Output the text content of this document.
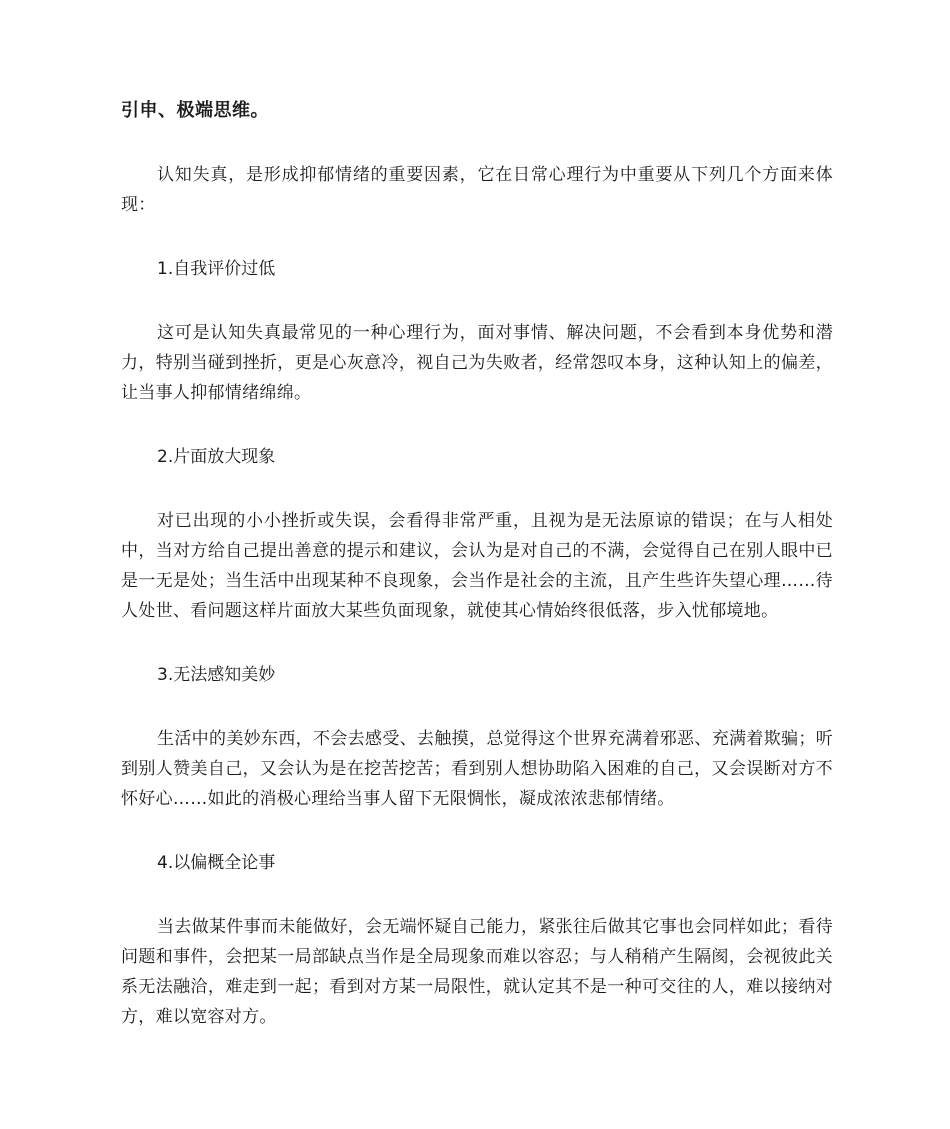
引申、极端思维。

认知失真，是形成抑郁情绪的重要因素，它在日常心理行为中重要从下列几个方面来体现：

1.自我评价过低

这可是认知失真最常见的一种心理行为，面对事情、解决问题，不会看到本身优势和潜力，特别当碰到挫折，更是心灰意冷，视自己为失败者，经常怨叹本身，这种认知上的偏差，让当事人抑郁情绪绵绵。

2.片面放大现象

对已出现的小小挫折或失误，会看得非常严重，且视为是无法原谅的错误；在与人相处中，当对方给自己提出善意的提示和建议，会认为是对自己的不满，会觉得自己在别人眼中已是一无是处；当生活中出现某种不良现象，会当作是社会的主流，且产生些许失望心理……待人处世、看问题这样片面放大某些负面现象，就使其心情始终很低落，步入忧郁境地。

3.无法感知美妙

生活中的美妙东西，不会去感受、去触摸，总觉得这个世界充满着邪恶、充满着欺骗；听到别人赞美自己，又会认为是在挖苦挖苦；看到别人想协助陷入困难的自己，又会误断对方不怀好心……如此的消极心理给当事人留下无限惆怅，凝成浓浓悲郁情绪。

4.以偏概全论事

当去做某件事而未能做好，会无端怀疑自己能力，紧张往后做其它事也会同样如此；看待问题和事件，会把某一局部缺点当作是全局现象而难以容忍；与人稍稍产生隔阂，会视彼此关系无法融洽，难走到一起；看到对方某一局限性，就认定其不是一种可交往的人，难以接纳对方，难以宽容对方。
